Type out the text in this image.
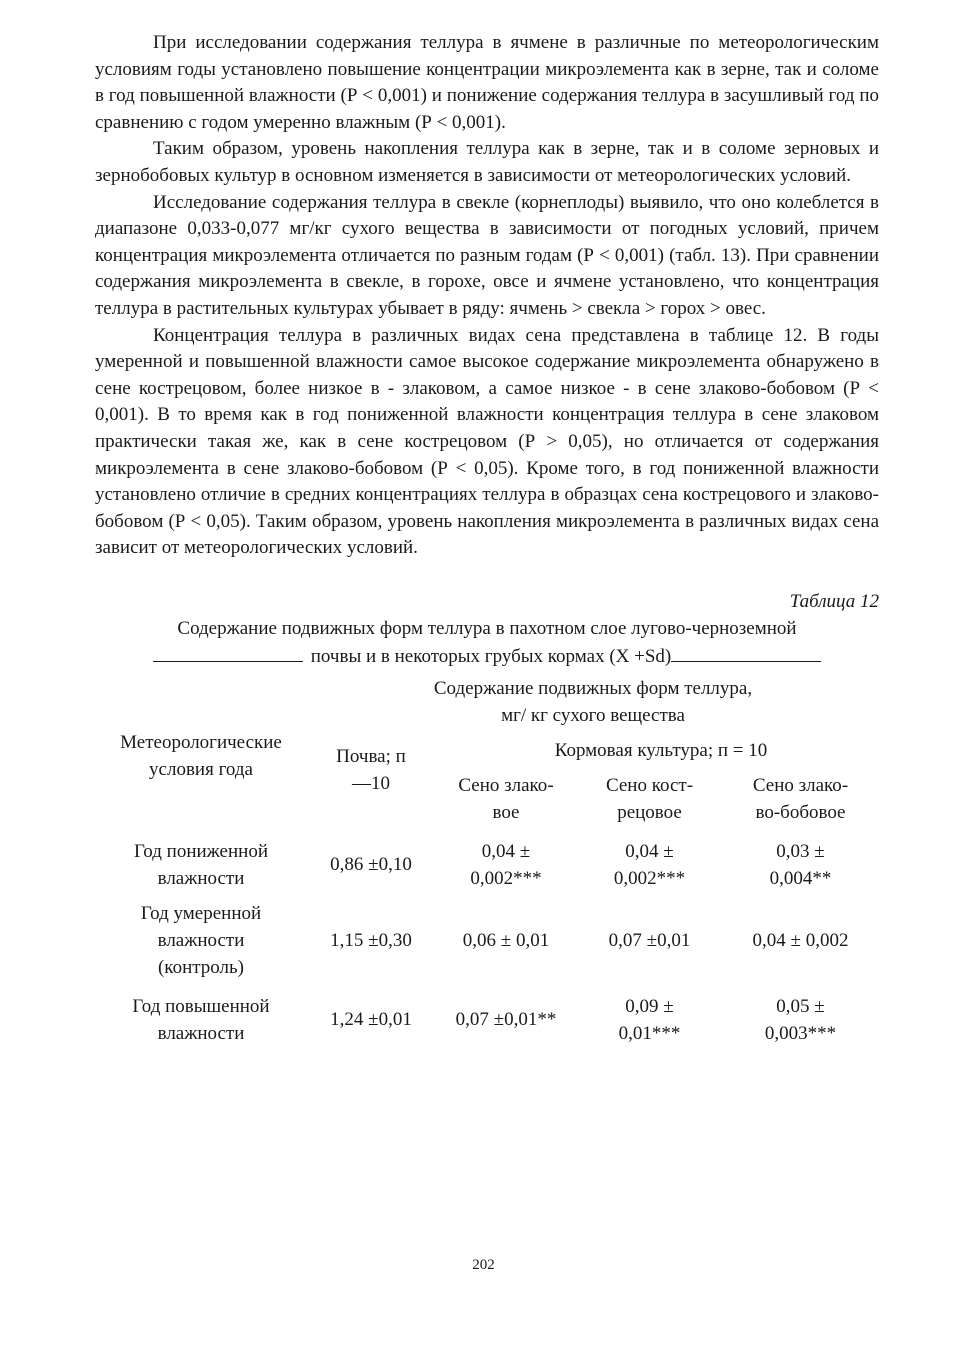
При исследовании содержания теллура в ячмене в различные по метеорологическим условиям годы установлено повышение концентрации микроэлемента как в зерне, так и соломе в год повышенной влажности (Р < 0,001) и понижение содержания теллура в засушливый год по сравнению с годом умеренно влажным (Р < 0,001).

Таким образом, уровень накопления теллура как в зерне, так и в соломе зерновых и зернобобовых культур в основном изменяется в зависимости от метеорологических условий.

Исследование содержания теллура в свекле (корнеплоды) выявило, что оно колеблется в диапазоне 0,033-0,077 мг/кг сухого вещества в зависимости от погодных условий, причем концентрация микроэлемента отличается по разным годам (Р < 0,001) (табл. 13). При сравнении содержания микроэлемента в свекле, в горохе, овсе и ячмене установлено, что концентрация теллура в растительных культурах убывает в ряду: ячмень > свекла > горох > овес.

Концентрация теллура в различных видах сена представлена в таблице 12. В годы умеренной и повышенной влажности самое высокое содержание микроэлемента обнаружено в сене кострецовом, более низкое в - злаковом, а самое низкое - в сене злаково-бобовом (Р < 0,001). В то время как в год пониженной влажности концентрация теллура в сене злаковом практически такая же, как в сене кострецовом (Р > 0,05), но отличается от содержания микроэлемента в сене злаково-бобовом (Р < 0,05). Кроме того, в год пониженной влажности установлено отличие в средних концентрациях теллура в образцах сена кострецового и злаково-бобовом (Р < 0,05). Таким образом, уровень накопления микроэлемента в различных видах сена зависит от метеорологических условий.

Таблица 12

Содержание подвижных форм теллура в пахотном слое лугово-черноземной

почвы и в некоторых грубых кормах (X +Sd)

	Содержание подвижных форм теллура,
мг/ кг сухого вещества			

Метеорологические условия года	Почва; п —10	Кормовая культура; п = 10		
		Сено злаковое	Сено кострецовое	Сено злаково-бобовое

Год пониженной влажности	0,86 ±0,10	0,04 ± 0,002***	0,04 ± 0,002***	0,03 ± 0,004**

Год умеренной влажности (контроль)	1,15 ±0,30	0,06 ± 0,01	0,07 ±0,01	0,04 ± 0,002

Год повышенной влажности	1,24 ±0,01	0,07 ±0,01**	0,09 ± 0,01***	0,05 ± 0,003***
202
